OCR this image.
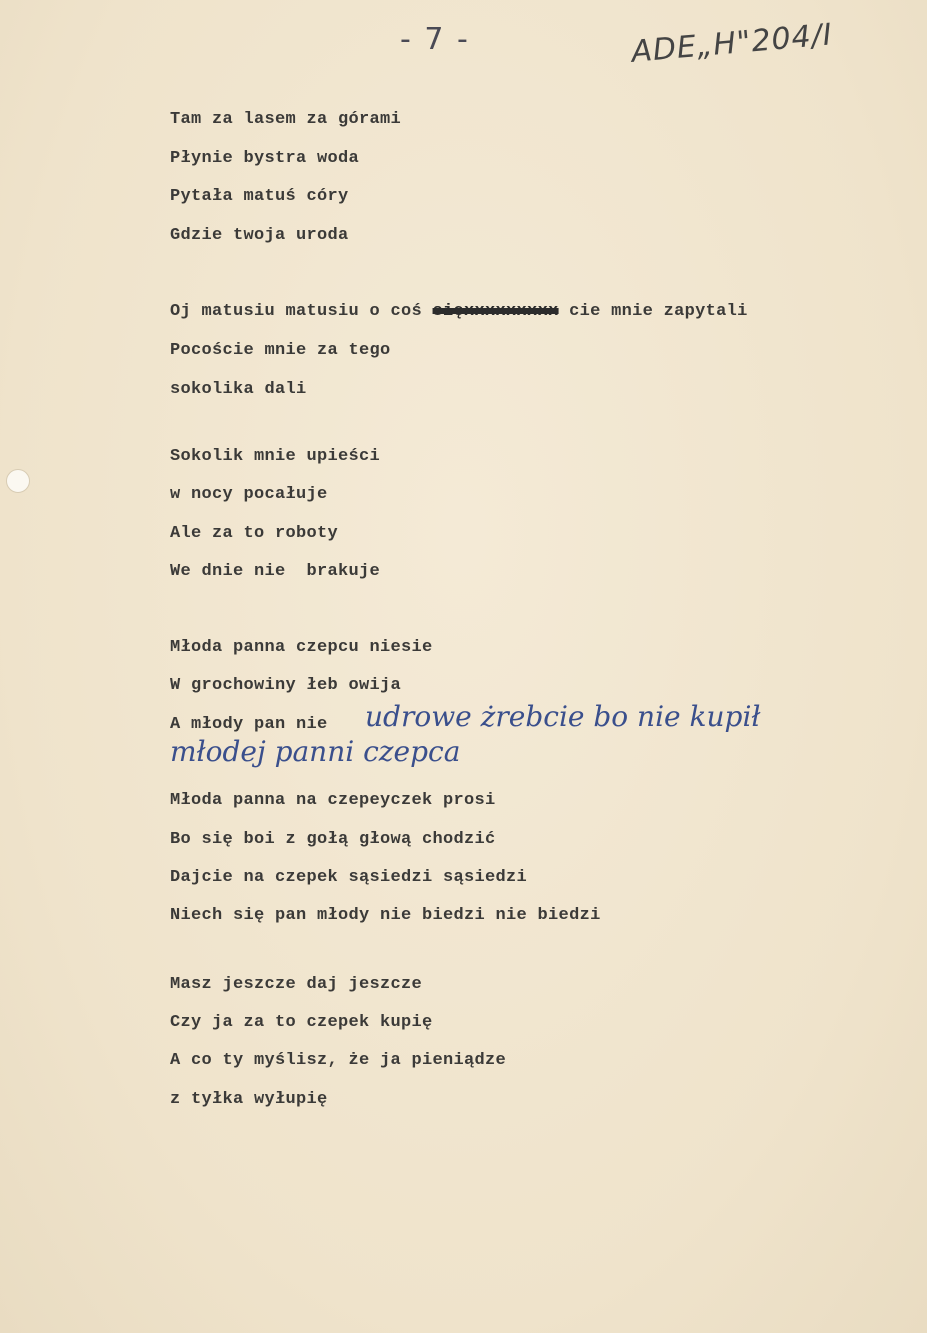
- 7 -	ADE„H"204/I
Tam za lasem za górami
Płynie bystra woda
Pytała matuś córy
Gdzie twoja uroda
Oj matusiu matusiu o coś sięxxxxxxxxx cie mnie zapytali
Pocoście mnie za tego
sokolika dali
Sokolik mnie upieści
w nocy pocałuje
Ale za to roboty
We dnie nie  brakuje
Młoda panna czepcu niesie
W grochowiny łeb owija
A młody pan nie udrowe żrebcie bo nie kupił
młodej panni czepca
Młoda panna na czepeyczek prosi
Bo się boi z gołą głową chodzić
Dajcie na czepek sąsiedzi sąsiedzi
Niech się pan młody nie biedzi nie biedzi
Masz jeszcze daj jeszcze
Czy ja za to czepek kupię
A co ty myślisz, że ja pieniądze
z tyłka wyłupię
